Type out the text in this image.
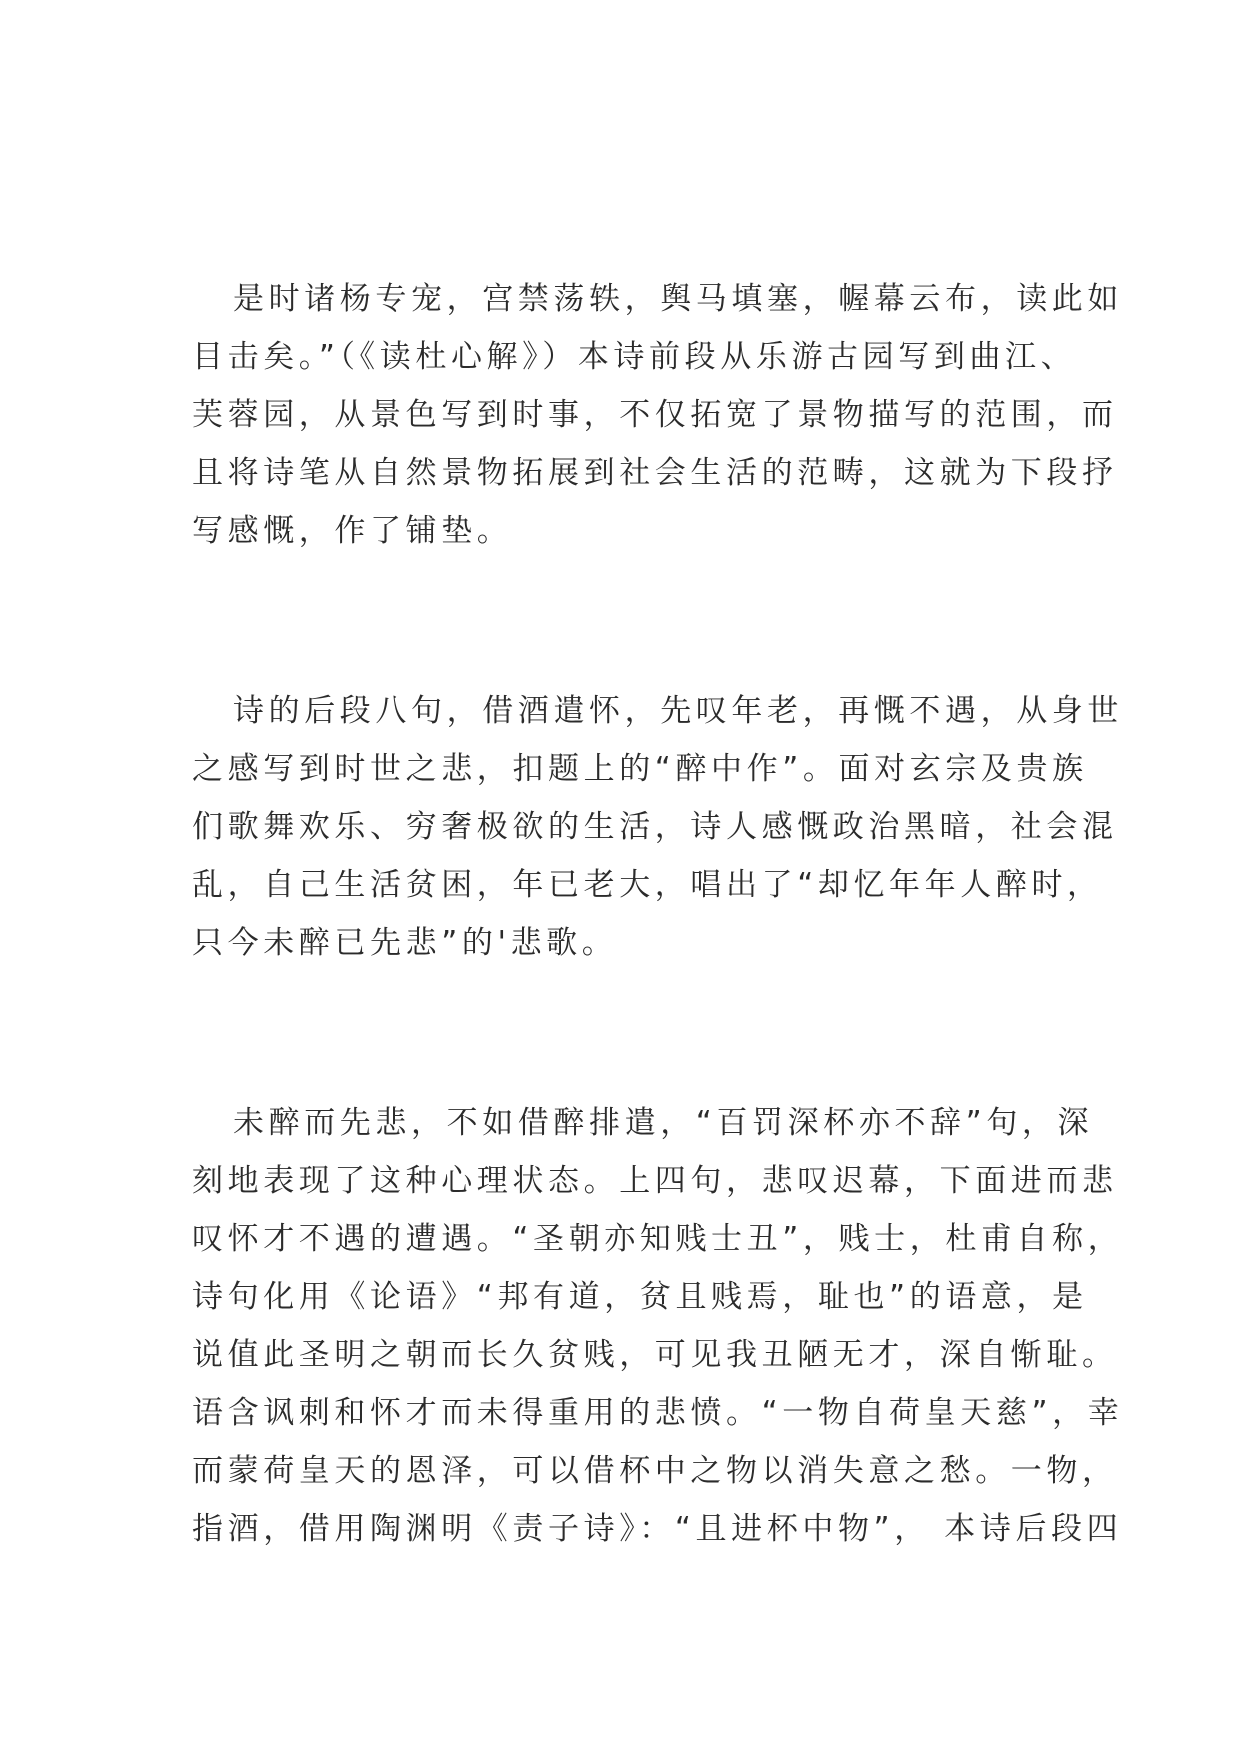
是时诸杨专宠，宫禁荡轶，舆马填塞，幄幕云布，读此如
目击矣。”（《读杜心解》）本诗前段从乐游古园写到曲江、
芙蓉园，从景色写到时事，不仅拓宽了景物描写的范围，而
且将诗笔从自然景物拓展到社会生活的范畴，这就为下段抒
写感慨，作了铺垫。
诗的后段八句，借酒遣怀，先叹年老，再慨不遇，从身世
之感写到时世之悲，扣题上的“醉中作”。面对玄宗及贵族
们歌舞欢乐、穷奢极欲的生活，诗人感慨政治黑暗，社会混
乱，自己生活贫困，年已老大，唱出了“却忆年年人醉时，
只今未醉已先悲”的'悲歌。
未醉而先悲，不如借醉排遣，“百罚深杯亦不辞”句，深
刻地表现了这种心理状态。上四句，悲叹迟幕，下面进而悲
叹怀才不遇的遭遇。“圣朝亦知贱士丑”，贱士，杜甫自称，
诗句化用《论语》“邦有道，贫且贱焉，耻也”的语意，是
说值此圣明之朝而长久贫贱，可见我丑陋无才，深自惭耻。
语含讽刺和怀才而未得重用的悲愤。“一物自荷皇天慈”，幸
而蒙荷皇天的恩泽，可以借杯中之物以消失意之愁。一物，
指酒，借用陶渊明《责子诗》：“且进杯中物”， 本诗后段四
